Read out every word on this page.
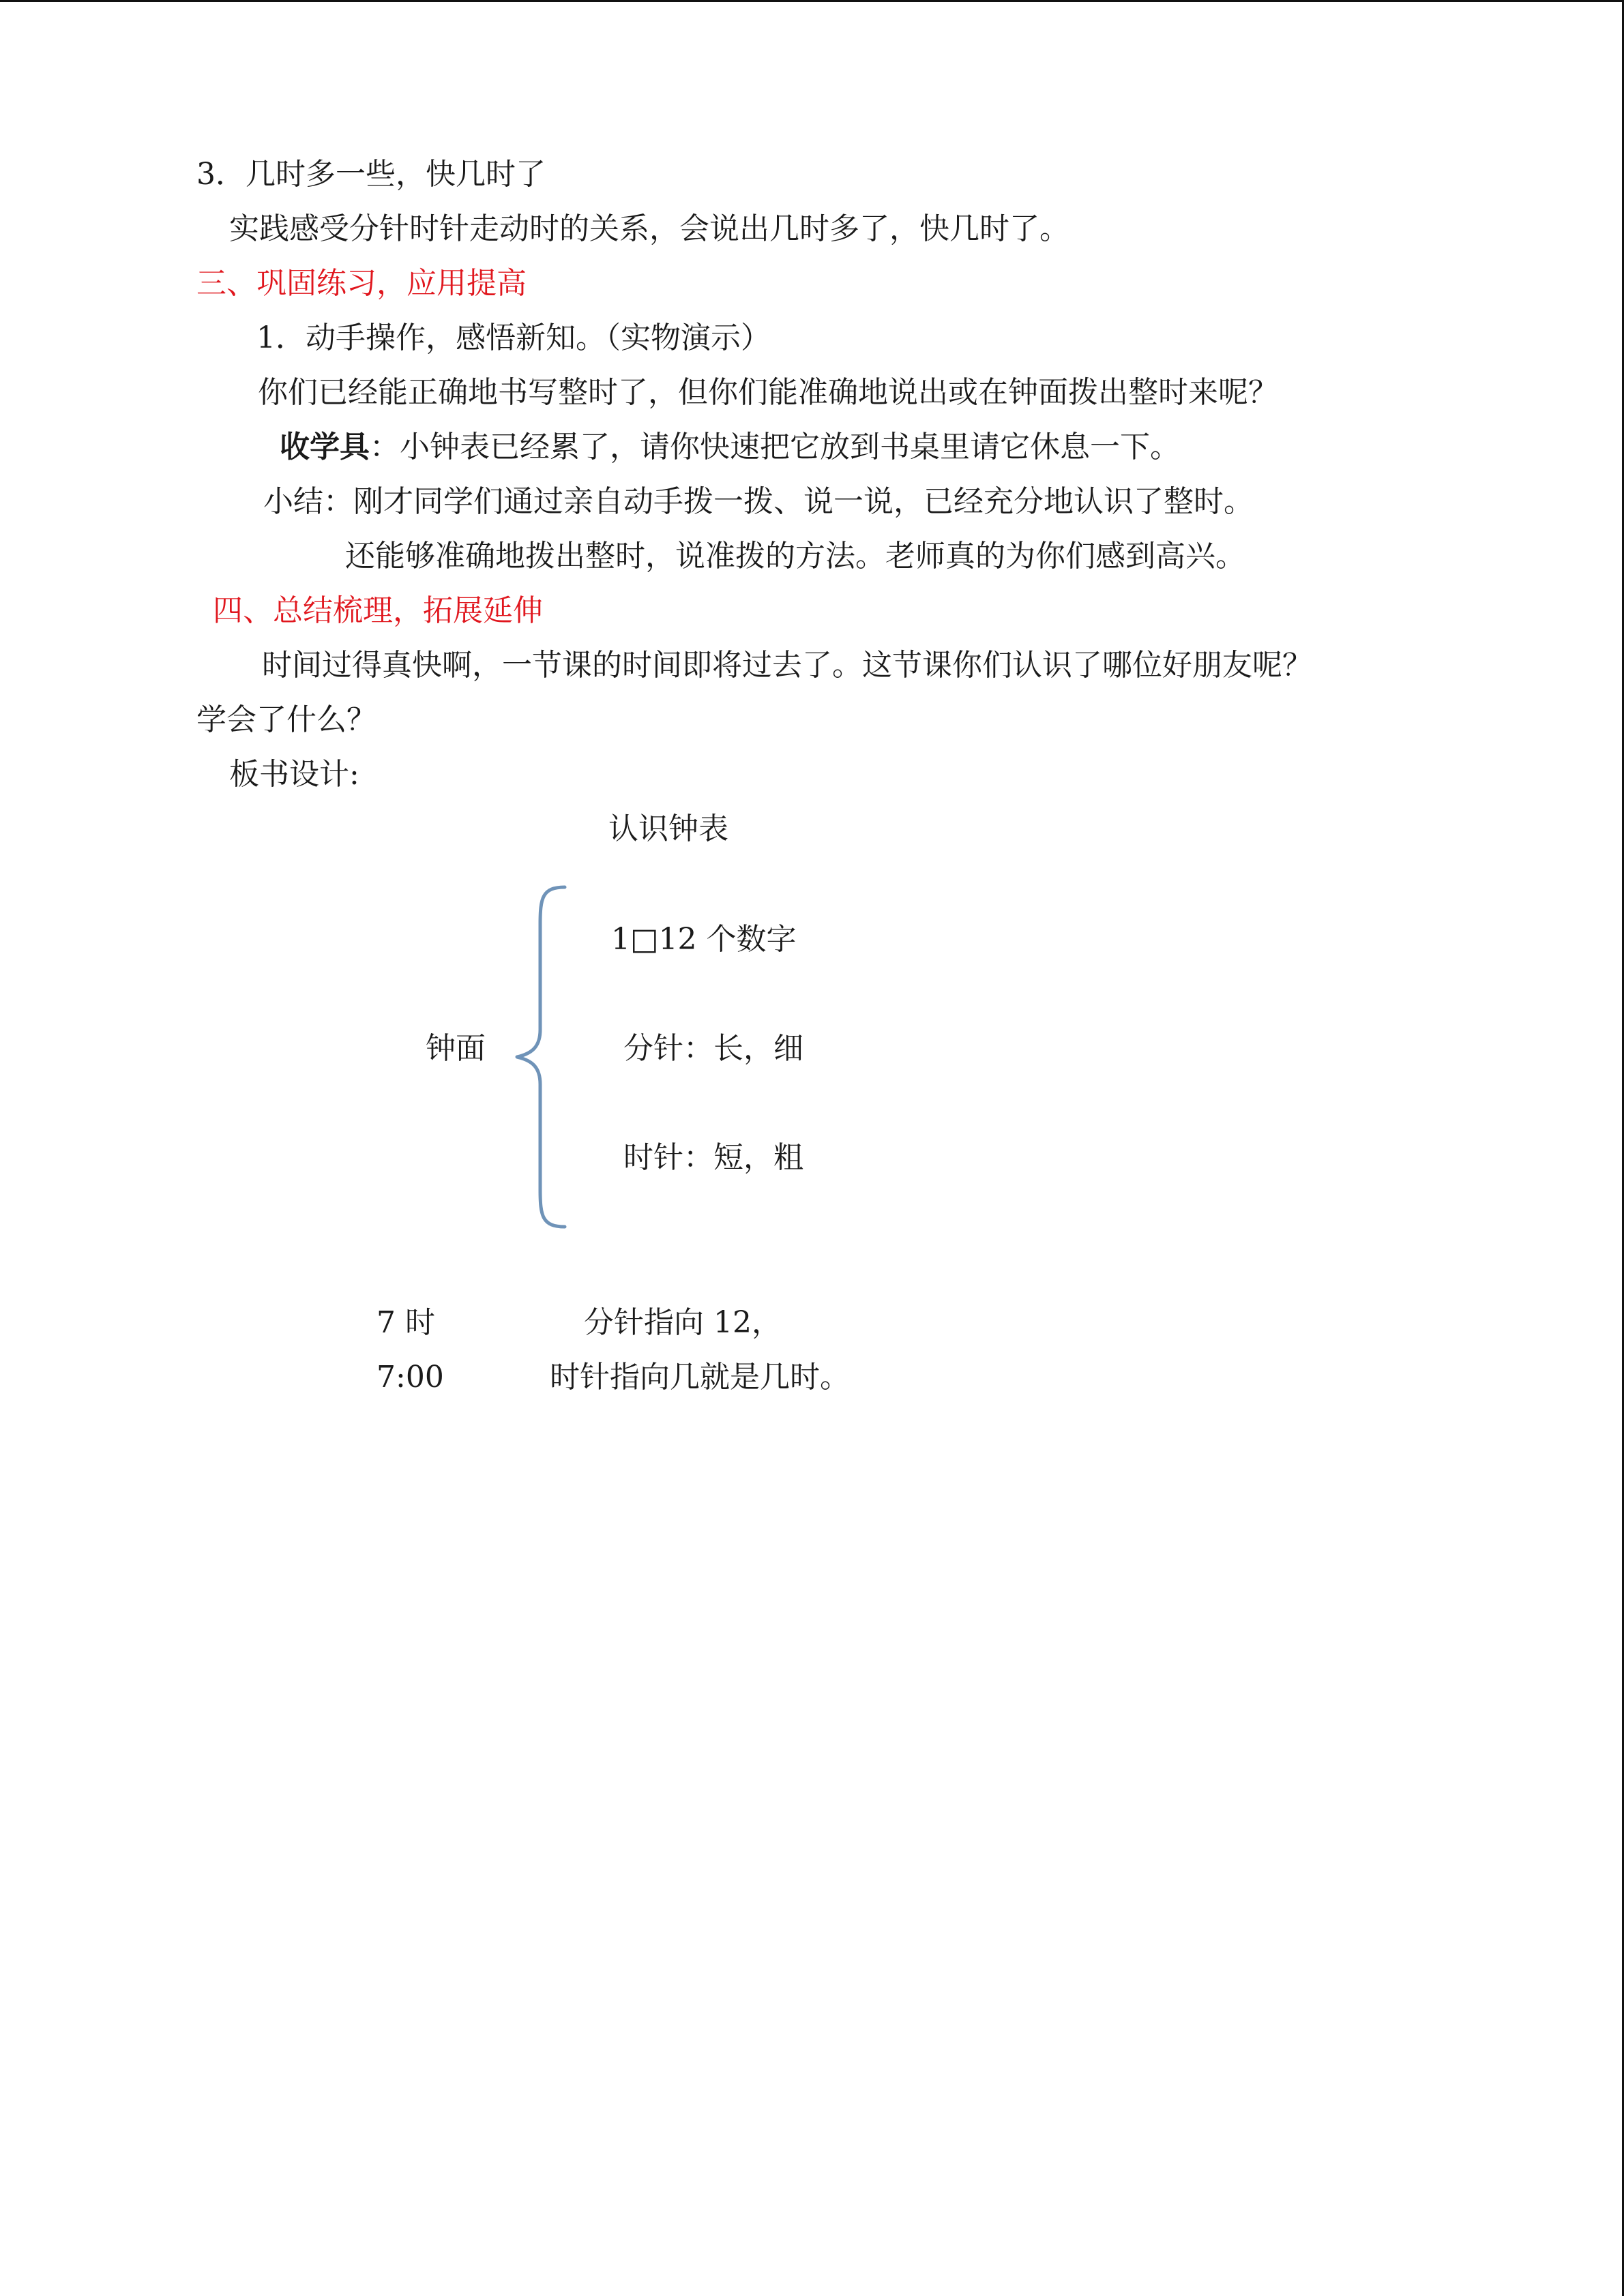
3．几时多一些，快几时了

实践感受分针时针走动时的关系，会说出几时多了，快几时了。

三、巩固练习，应用提高

1．动手操作，感悟新知。（实物演示）

你们已经能正确地书写整时了，但你们能准确地说出或在钟面拨出整时来呢？

收学具：小钟表已经累了，请你快速把它放到书桌里请它休息一下。

小结：刚才同学们通过亲自动手拨一拨、说一说，已经充分地认识了整时。

还能够准确地拨出整时，说准拨的方法。老师真的为你们感到高兴。

四、总结梳理，拓展延伸

时间过得真快啊，一节课的时间即将过去了。这节课你们认识了哪位好朋友呢？

学会了什么？

板书设计:

认识钟表

钟面

1□12 个数字

分针：长，细

时针：短，粗

7 时

7:00

分针指向 12，

时针指向几就是几时。
